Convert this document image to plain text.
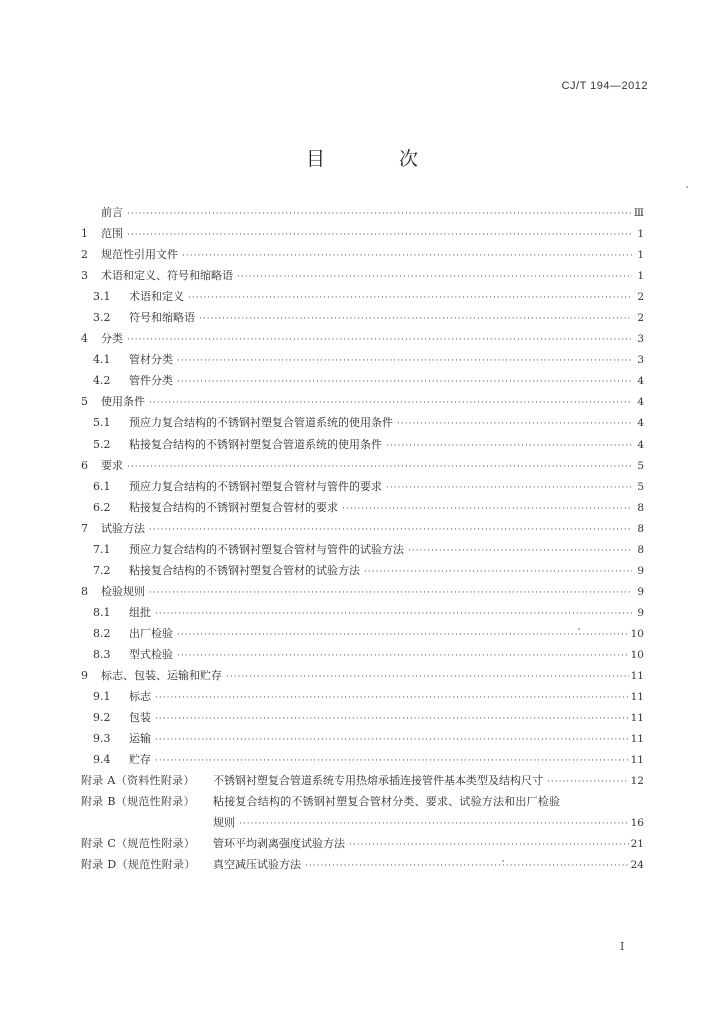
CJ/T 194—2012
目 次
前言 ·····	Ⅲ
1	范围 ·····	1
2	规范性引用文件 ·····	1
3	术语和定义、符号和缩略语 ·····	1
3.1	术语和定义 ·····	2
3.2	符号和缩略语 ·····	2
4	分类 ·····	3
4.1	管材分类 ·····	3
4.2	管件分类 ·····	4
5	使用条件 ·····	4
5.1	预应力复合结构的不锈钢衬塑复合管道系统的使用条件 ·····	4
5.2	粘接复合结构的不锈钢衬塑复合管道系统的使用条件 ·····	4
6	要求 ·····	5
6.1	预应力复合结构的不锈钢衬塑复合管材与管件的要求 ·····	5
6.2	粘接复合结构的不锈钢衬塑复合管材的要求 ·····	8
7	试验方法 ·····	8
7.1	预应力复合结构的不锈钢衬塑复合管材与管件的试验方法 ·····	8
7.2	粘接复合结构的不锈钢衬塑复合管材的试验方法 ·····	9
8	检验规则 ·····	9
8.1	组批 ·····	9
8.2	出厂检验 ·····	10
8.3	型式检验 ·····	10
9	标志、包装、运输和贮存 ·····	11
9.1	标志 ·····	11
9.2	包装 ·····	11
9.3	运输 ·····	11
9.4	贮存 ·····	11
附录 A（资料性附录）	不锈钢衬塑复合管道系统专用热熔承插连接管件基本类型及结构尺寸 ·····	12
附录 B（规范性附录）	粘接复合结构的不锈钢衬塑复合管材分类、要求、试验方法和出厂检验
规则 ·····	16
附录 C（规范性附录）	管环平均剥离强度试验方法 ·····	21
附录 D（规范性附录）	真空减压试验方法 ·····	24
Ⅰ
